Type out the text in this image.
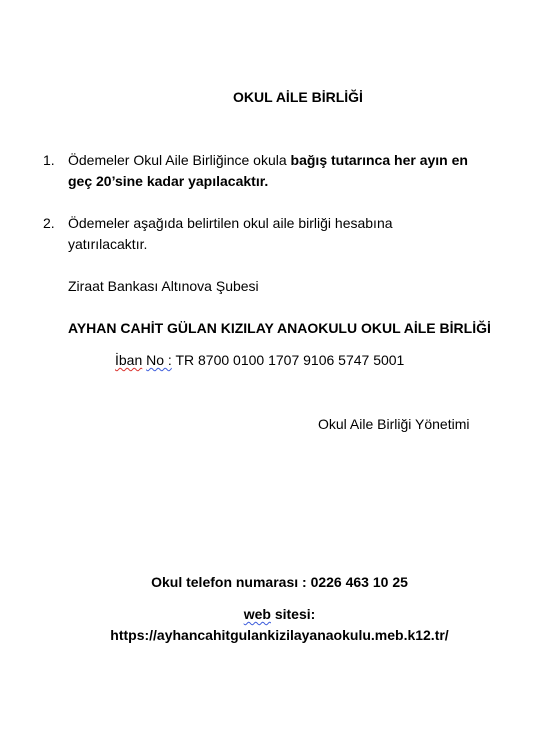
OKUL AİLE BİRLİĞİ
1. Ödemeler Okul Aile Birliğince okula bağış tutarınca her ayın en geç 20’sine kadar yapılacaktır.
2. Ödemeler aşağıda belirtilen okul aile birliği hesabına yatırılacaktır.
Ziraat Bankası Altınova Şubesi
AYHAN CAHİT GÜLAN KIZILAY ANAOKULU OKUL AİLE BİRLİĞİ
İban No : TR 8700 0100 1707 9106 5747 5001
Okul Aile Birliği Yönetimi
Okul telefon numarası : 0226 463 10 25
web sitesi:
https://ayhancahitgulankizilayanaokulu.meb.k12.tr/
